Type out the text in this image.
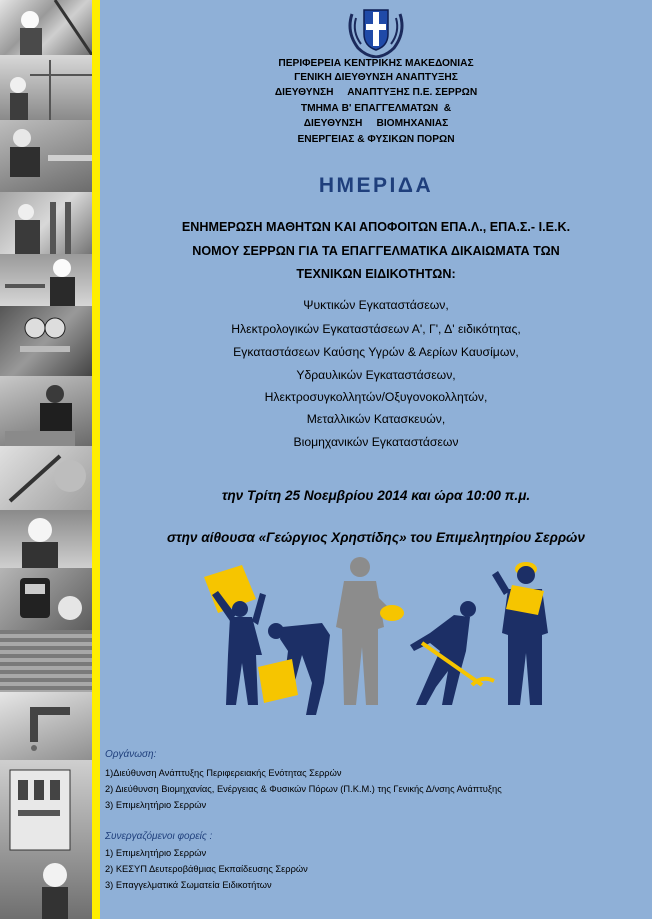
ΠΕΡΙΦΕΡΕΙΑ ΚΕΝΤΡΙΚΗΣ ΜΑΚΕΔΟΝΙΑΣ
ΓΕΝΙΚΗ ΔΙΕΥΘΥΝΣΗ ΑΝΑΠΤΥΞΗΣ
ΔΙΕΥΘΥΝΣΗ     ΑΝΑΠΤΥΞΗΣ Π.Ε. ΣΕΡΡΩΝ
ΤΜΗΜΑ Β' ΕΠΑΓΓΕΛΜΑΤΩΝ  &
ΔΙΕΥΘΥΝΣΗ     ΒΙΟΜΗΧΑΝΙΑΣ
ΕΝΕΡΓΕΙΑΣ & ΦΥΣΙΚΩΝ ΠΟΡΩΝ
ΗΜΕΡΙΔΑ
ΕΝΗΜΕΡΩΣΗ ΜΑΘΗΤΩΝ ΚΑΙ ΑΠΟΦΟΙΤΩΝ ΕΠΑ.Λ., ΕΠΑ.Σ.- Ι.Ε.Κ.
ΝΟΜΟΥ ΣΕΡΡΩΝ ΓΙΑ ΤΑ ΕΠΑΓΓΕΛΜΑΤΙΚΑ ΔΙΚΑΙΩΜΑΤΑ ΤΩΝ
ΤΕΧΝΙΚΩΝ ΕΙΔΙΚΟΤΗΤΩΝ:
Ψυκτικών Εγκαταστάσεων,
Ηλεκτρολογικών Εγκαταστάσεων Α', Γ', Δ' ειδικότητας,
Εγκαταστάσεων Καύσης Υγρών & Αερίων Καυσίμων,
Υδραυλικών Εγκαταστάσεων,
Ηλεκτροσυγκολλητών/Οξυγονοκολλητών,
Μεταλλικών Κατασκευών,
Βιομηχανικών Εγκαταστάσεων
την Τρίτη 25 Νοεμβρίου 2014 και ώρα 10:00 π.μ.
στην αίθουσα «Γεώργιος Χρηστίδης» του Επιμελητηρίου Σερρών
Οργάνωση:
1)Διεύθυνση Ανάπτυξης Περιφερειακής Ενότητας Σερρών
2) Διεύθυνση Βιομηχανίας, Ενέργειας & Φυσικών Πόρων (Π.Κ.Μ.) της Γενικής Δ/νσης Ανάπτυξης
3) Επιμελητήριο Σερρών
Συνεργαζόμενοι φορείς :
1) Επιμελητήριο Σερρών
2) ΚΕΣΥΠ Δευτεροβάθμιας Εκπαίδευσης Σερρών
3) Επαγγελματικά Σωματεία Ειδικοτήτων
